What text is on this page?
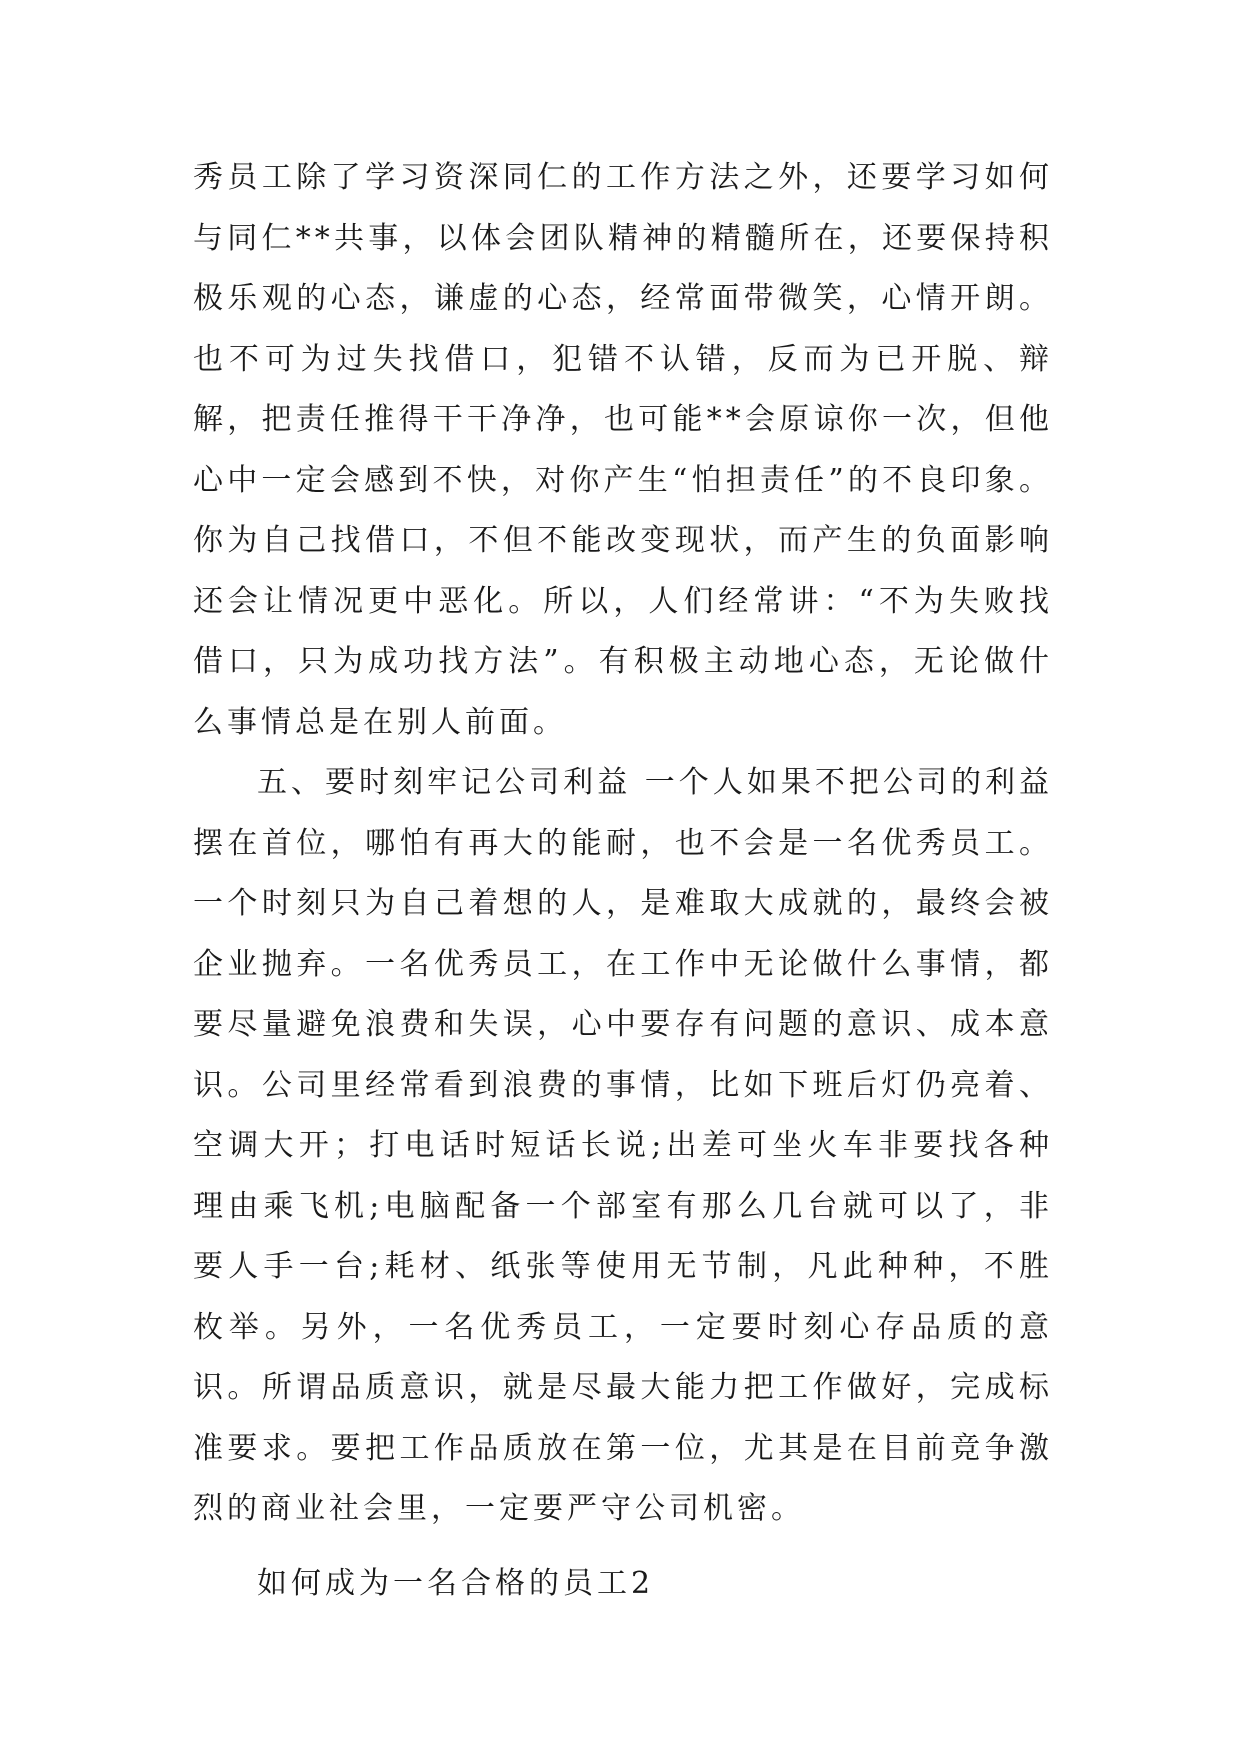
秀员工除了学习资深同仁的工作方法之外，还要学习如何与同仁**共事，以体会团队精神的精髓所在，还要保持积极乐观的心态，谦虚的心态，经常面带微笑，心情开朗。也不可为过失找借口，犯错不认错，反而为已开脱、辩解，把责任推得干干净净，也可能**会原谅你一次，但他心中一定会感到不快，对你产生“怕担责任”的不良印象。你为自己找借口，不但不能改变现状，而产生的负面影响还会让情况更中恶化。所以，人们经常讲：“不为失败找借口，只为成功找方法”。有积极主动地心态，无论做什么事情总是在别人前面。

五、要时刻牢记公司利益 一个人如果不把公司的利益摆在首位，哪怕有再大的能耐，也不会是一名优秀员工。一个时刻只为自己着想的人，是难取大成就的，最终会被企业抛弃。一名优秀员工，在工作中无论做什么事情，都要尽量避免浪费和失误，心中要存有问题的意识、成本意识。公司里经常看到浪费的事情，比如下班后灯仍亮着、空调大开；打电话时短话长说;出差可坐火车非要找各种理由乘飞机;电脑配备一个部室有那么几台就可以了，非要人手一台;耗材、纸张等使用无节制，凡此种种，不胜枚举。另外，一名优秀员工，一定要时刻心存品质的意识。所谓品质意识，就是尽最大能力把工作做好，完成标准要求。要把工作品质放在第一位，尤其是在目前竞争激烈的商业社会里，一定要严守公司机密。

如何成为一名合格的员工2
